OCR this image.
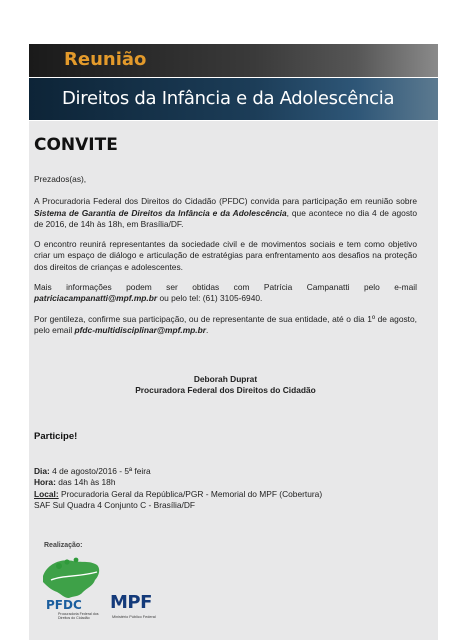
Reunião
Direitos da Infância e da Adolescência
CONVITE

Prezados(as),

A Procuradoria Federal dos Direitos do Cidadão (PFDC) convida para participação em reunião sobre Sistema de Garantia de Direitos da Infância e da Adolescência, que acontece no dia 4 de agosto de 2016, de 14h às 18h, em Brasília/DF.

O encontro reunirá representantes da sociedade civil e de movimentos sociais e tem como objetivo criar um espaço de diálogo e articulação de estratégias para enfrentamento aos desafios na proteção dos direitos de crianças e adolescentes.

Mais informações podem ser obtidas com Patrícia Campanatti pelo e-mail patriciacampanatti@mpf.mp.br ou pelo tel: (61) 3105-6940.

Por gentileza, confirme sua participação, ou de representante de sua entidade, até o dia 1º de agosto, pelo email pfdc-multidisciplinar@mpf.mp.br.

Deborah Duprat
Procuradora Federal dos Direitos do Cidadão
Participe!
Dia: 4 de agosto/2016 - 5ª feira
Hora: das 14h às 18h
Local: Procuradoria Geral da República/PGR - Memorial do MPF (Cobertura)
SAF Sul Quadra 4 Conjunto C - Brasília/DF
Realização:
PFDC
Procuradoria Federal dos Direitos do Cidadão
MPF
Ministério Público Federal
